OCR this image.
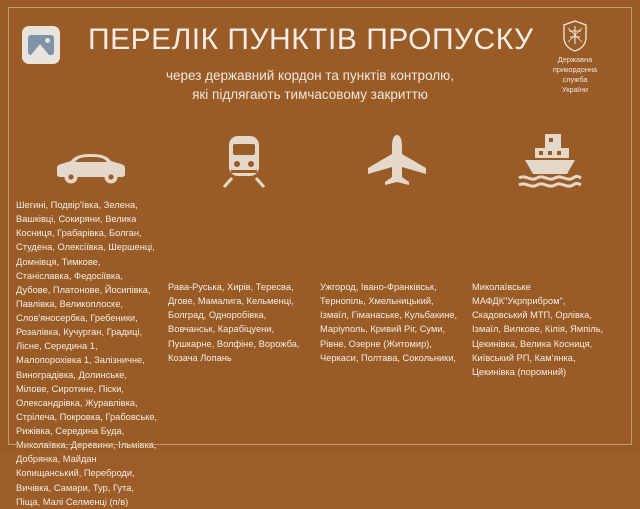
ПЕРЕЛІК ПУНКТІВ ПРОПУСКУ
через державний кордон та пунктів контролю,
які підлягають тимчасовому закриттю
Державна
прикордонна
служба
України

Шегині, Подвір'ївка, Зелена, Вашківці, Сокиряни, Велика Косниця, Грабарівка, Болган, Студена, Олексіївка, Шершенці, Домнівця, Тимкове, Станіславка, Федосіївка, Дубове, Платонове, Йосипівка, Павлівка, Великоплоске, Слов'яносербка, Гребеники, Розалівка, Кучурган, Градиці, Лісне, Середина 1, Малопорохівка 1, Залізничне, Виноградівка, Долинське, Мілове, Сиротине, Піски, Олександрівка, Журавлівка, Стрілеча, Покровка, Грабовське, Рижівка, Середина Буда, Миколаївка, Деревини, Ільмівка, Добрянка, Майдан Копищанський, Переброди, Вичівка, Самари, Тур, Гута, Піща, Малі Селменці (п/в)

Рава-Руська, Хирів, Тересва, Дгове, Мамалига, Кельменці, Болград, Одноробівка, Вовчанськ, Карабіцуени, Пушкарне, Волфіне, Ворожба, Козача Лопань

Ужгород, Івано-Франківськ, Тернопіль, Хмельницький, Ізмаїл, Гіманаське, Кульбакине, Маріуполь, Кривий Ріг, Суми, Рівне, Озерне (Житомир), Черкаси, Полтава, Сокольники,

Миколаївське МАФДК"Укрприбром", Скадовський МТП, Орлівка, Ізмаїл, Вилкове, Кілія, Ямпіль, Цекинівка, Велика Косниця, Київський РП, Кам'янка, Цекинівка (поромний)
